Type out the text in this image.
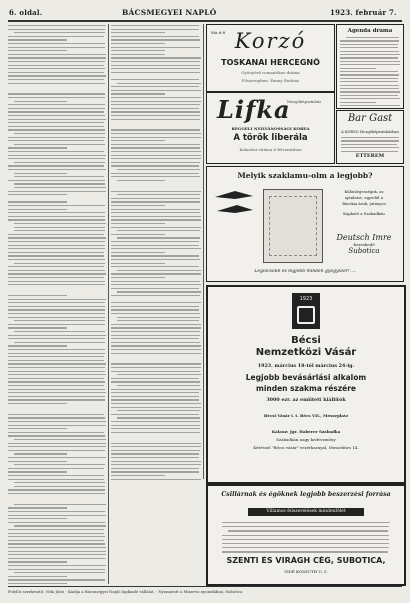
6. oldal.	BÁCSMEGYEI NAPLÓ	1923. február 7.
Ma 6-8 Korzó
TOSKANAI HERCEGNŐ
Gyönyörű romantikus dráma
Főszerepben: Fanny Rudens
Agenda dráma
Lifka
Mozgóképszínház
REGGELI NYILVÁNOSSÁGI KOREA
A török liberála
Kalandor-dráma 6 felvonásban
Bar Gast
A KORZÓ Mozgóképszínházban
ÉTTEREM
Melyik szaklamu-olm a legjobb?
Különlegességek, az
ajánlatot, egyedül a
Bácskai áruk, jutányos
Kapható a Szabadkán
Deutsch Imre
Kereskedő
Subotica
Legolcsóbb és legjobb minden gyógyszer! ...
1923
Bécsi
Nemzetközi Vásár
1923. március 18-tól március 24-ig.
Legjobb bevásárlási alkalom
minden szakma részére
3000 ezr. az említett kiállítók
Bécsi Vásár i. t. Bécs VII., Messeplatz
Kalauz: Jgr. Haberer Szabadka
Szabadkán nagy kedvezmény
Kéréssel "Bécsi vásár" vezérkarnyal, Messebüro 14.
Csillárnak és égőknek legjobb beszerzési forrása
Villamos felszerelések mindenfélét
SZENTI ÉS VIRÁGH CÉG, SUBOTICA,
VIDÉ KOSSUTH U. 5.
Felelős szerkesztő: Vida Józsi · Kiadja a Bácsmegyei Napló lapkiadó vállalat. · Nyomatott a Minerva nyomdában, Subotica
